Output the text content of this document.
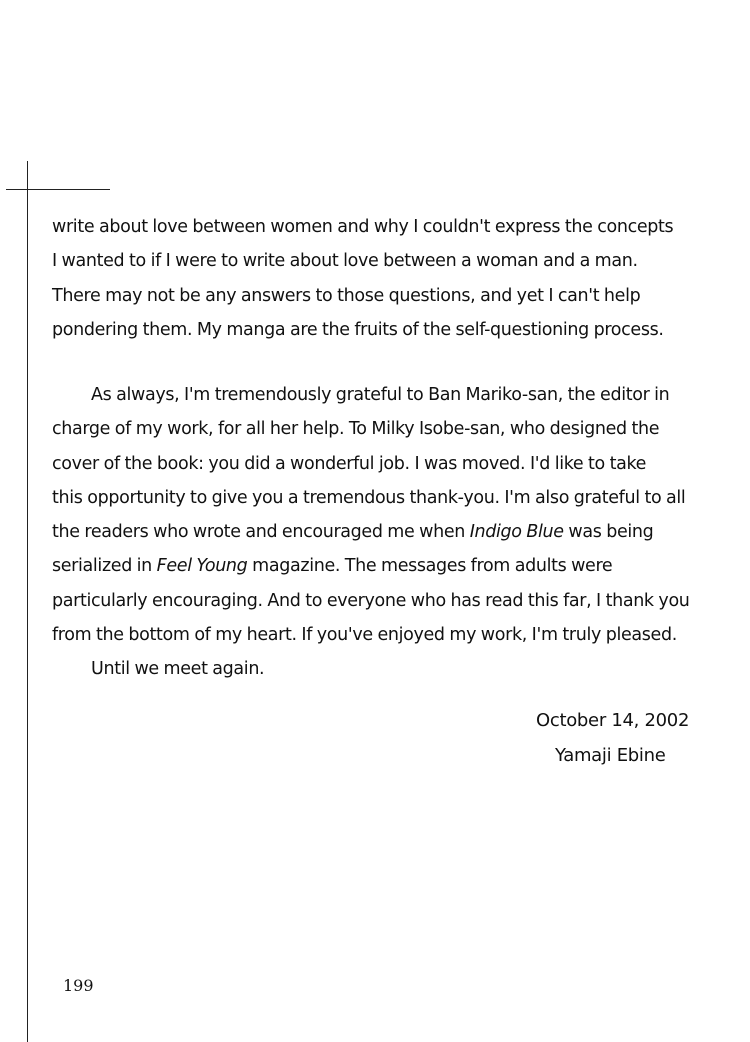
write about love between women and why I couldn't express the concepts
I wanted to if I were to write about love between a woman and a man.
There may not be any answers to those questions, and yet I can't help
pondering them. My manga are the fruits of the self-questioning process.
As always, I'm tremendously grateful to Ban Mariko-san, the editor in
charge of my work, for all her help. To Milky Isobe-san, who designed the
cover of the book: you did a wonderful job. I was moved. I'd like to take
this opportunity to give you a tremendous thank-you. I'm also grateful to all
the readers who wrote and encouraged me when Indigo Blue was being
serialized in Feel Young magazine. The messages from adults were
particularly encouraging. And to everyone who has read this far, I thank you
from the bottom of my heart. If you've enjoyed my work, I'm truly pleased.
Until we meet again.
October 14, 2002
Yamaji Ebine
199
